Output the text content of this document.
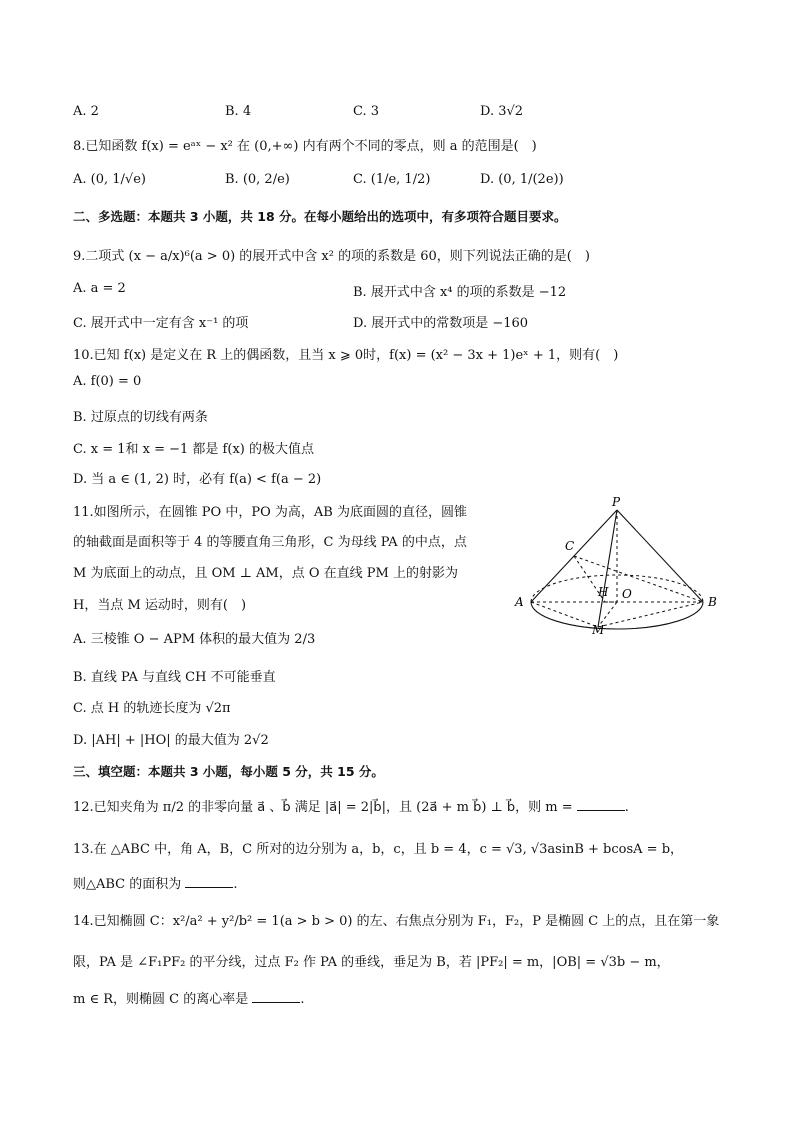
A. 2	B. 4	C. 3	D. 3√2
8.已知函数 f(x) = eᵃˣ − x² 在 (0,+∞) 内有两个不同的零点，则 a 的范围是(　)
A. (0, 1/√e)	B. (0, 2/e)	C. (1/e, 1/2)	D. (0, 1/(2e))
二、多选题：本题共 3 小题，共 18 分。在每小题给出的选项中，有多项符合题目要求。
9.二项式 (x − a/x)⁶(a > 0) 的展开式中含 x² 的项的系数是 60，则下列说法正确的是(　)
A. a = 2	B. 展开式中含 x⁴ 的项的系数是 −12
C. 展开式中一定有含 x⁻¹ 的项	D. 展开式中的常数项是 −160
10.已知 f(x) 是定义在 R 上的偶函数，且当 x ⩾ 0时，f(x) = (x² − 3x + 1)eˣ + 1，则有(　)
A. f(0) = 0
B. 过原点的切线有两条
C. x = 1和 x = −1 都是 f(x) 的极大值点
D. 当 a ∈ (1, 2) 时，必有 f(a) < f(a − 2)
11.如图所示，在圆锥 PO 中，PO 为高，AB 为底面圆的直径，圆锥
的轴截面是面积等于 4 的等腰直角三角形，C 为母线 PA 的中点，点
M 为底面上的动点，且 OM ⊥ AM，点 O 在直线 PM 上的射影为
H，当点 M 运动时，则有(　)
A. 三棱锥 O − APM 体积的最大值为 2/3
B. 直线 PA 与直线 CH 不可能垂直
C. 点 H 的轨迹长度为 √2π
D. |AH| + |HO| 的最大值为 2√2
P
C
A	B
H O
M
三、填空题：本题共 3 小题，每小题 5 分，共 15 分。
12.已知夹角为 π/2 的非零向量 a⃗ 、b⃗ 满足 |a⃗| = 2|b⃗|，且 (2a⃗ + m b⃗) ⊥ b⃗，则 m =	.
13.在 △ABC 中，角 A，B，C 所对的边分别为 a，b，c，且 b = 4，c = √3, √3asinB + bcosA = b，
则△ABC 的面积为	.
14.已知椭圆 C：x²/a² + y²/b² = 1(a > b > 0) 的左、右焦点分别为 F₁，F₂，P 是椭圆 C 上的点，且在第一象
限，PA 是 ∠F₁PF₂ 的平分线，过点 F₂ 作 PA 的垂线，垂足为 B，若 |PF₂| = m，|OB| = √3b − m，
m ∈ R，则椭圆 C 的离心率是	.
